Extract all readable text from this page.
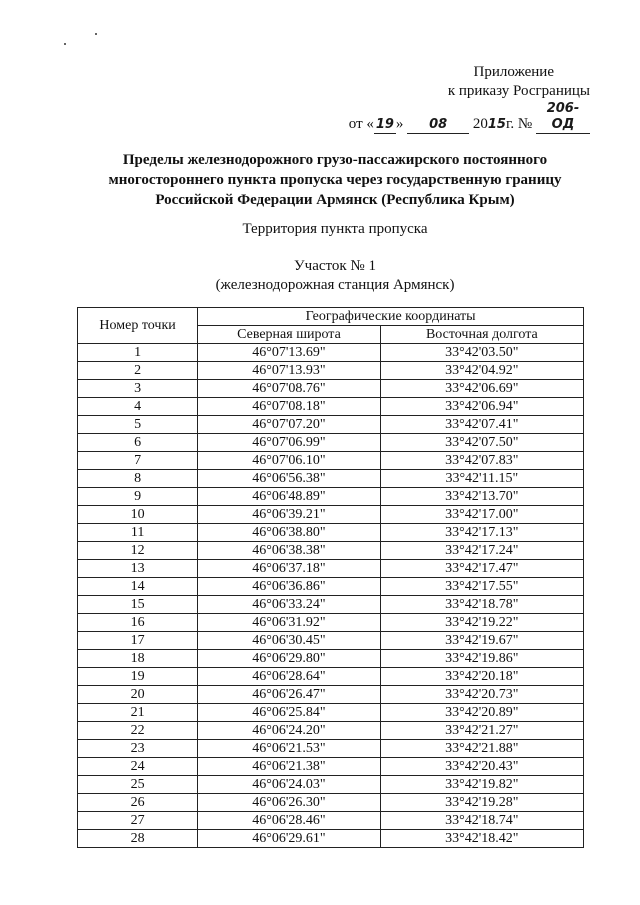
Приложение
к приказу Росграницы
от « 19 » 08 2015г. № 206-ОД
Пределы железнодорожного грузо-пассажирского постоянного
многостороннего пункта пропуска через государственную границу
Российской Федерации Армянск (Республика Крым)
Территория пункта пропуска
Участок № 1
(железнодорожная станция Армянск)
Номер точки	Географические координаты	
	Северная широта	Восточная долгота
1	46°07'13.69"	33°42'03.50"
2	46°07'13.93"	33°42'04.92"
3	46°07'08.76"	33°42'06.69"
4	46°07'08.18"	33°42'06.94"
5	46°07'07.20"	33°42'07.41"
6	46°07'06.99"	33°42'07.50"
7	46°07'06.10"	33°42'07.83"
8	46°06'56.38"	33°42'11.15"
9	46°06'48.89"	33°42'13.70"
10	46°06'39.21"	33°42'17.00"
11	46°06'38.80"	33°42'17.13"
12	46°06'38.38"	33°42'17.24"
13	46°06'37.18"	33°42'17.47"
14	46°06'36.86"	33°42'17.55"
15	46°06'33.24"	33°42'18.78"
16	46°06'31.92"	33°42'19.22"
17	46°06'30.45"	33°42'19.67"
18	46°06'29.80"	33°42'19.86"
19	46°06'28.64"	33°42'20.18"
20	46°06'26.47"	33°42'20.73"
21	46°06'25.84"	33°42'20.89"
22	46°06'24.20"	33°42'21.27"
23	46°06'21.53"	33°42'21.88"
24	46°06'21.38"	33°42'20.43"
25	46°06'24.03"	33°42'19.82"
26	46°06'26.30"	33°42'19.28"
27	46°06'28.46"	33°42'18.74"
28	46°06'29.61"	33°42'18.42"
